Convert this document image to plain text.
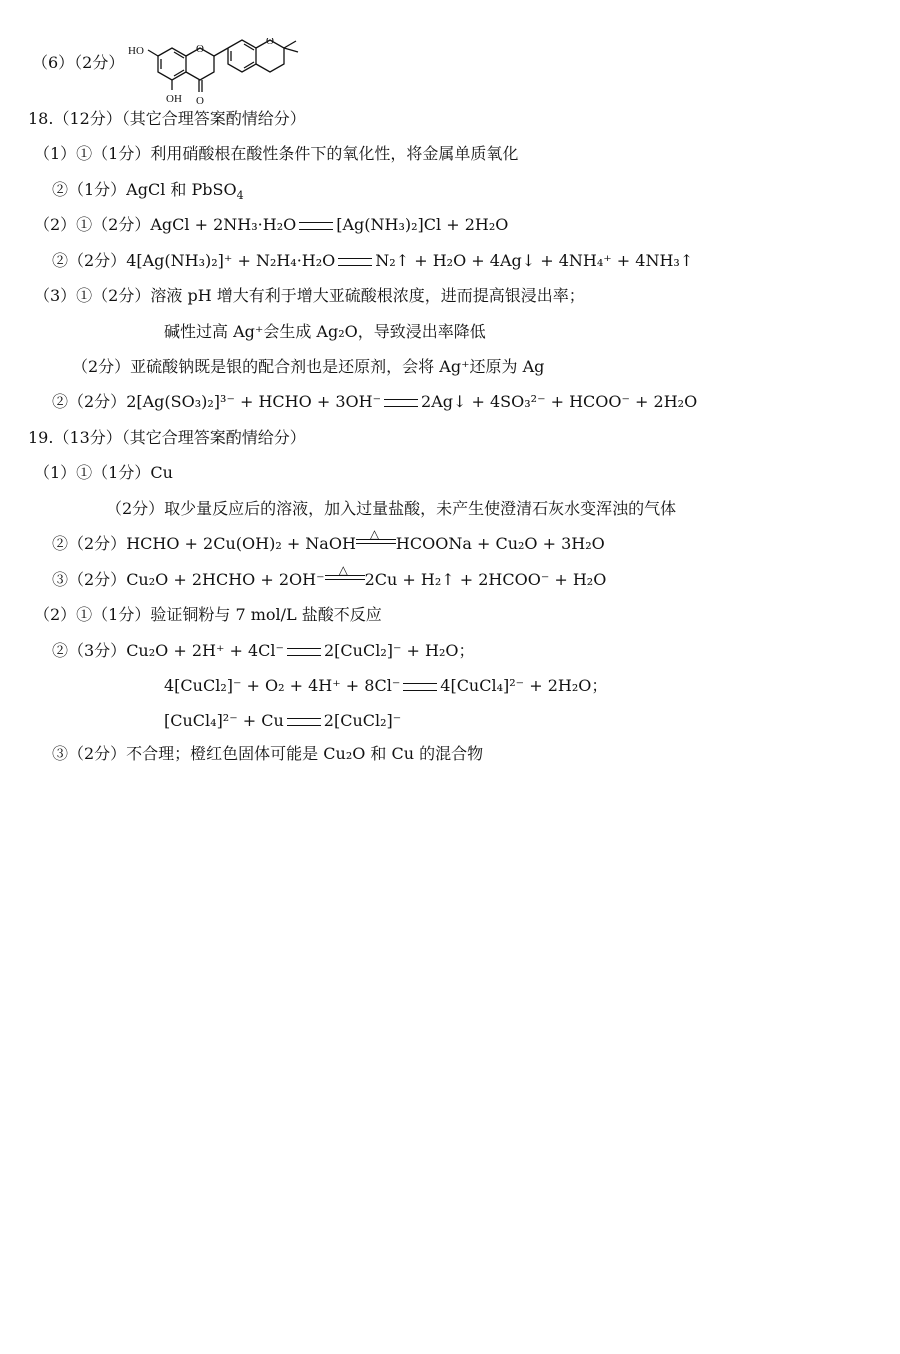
（6）（2分）
HO
OH
O
O
O
18.（12分）（其它合理答案酌情给分）
（1）①（1分）利用硝酸根在酸性条件下的氧化性，将金属单质氧化
②（1分）AgCl 和 PbSO$_4$
（2）①（2分）AgCl + 2NH₃·H₂O	[Ag(NH₃)₂]Cl + 2H₂O
②（2分）4[Ag(NH₃)₂]⁺ + N₂H₄·H₂O	N₂↑ + H₂O + 4Ag↓ + 4NH₄⁺ + 4NH₃↑
（3）①（2分）溶液 pH 增大有利于增大亚硫酸根浓度，进而提高银浸出率；
碱性过高 Ag⁺会生成 Ag₂O，导致浸出率降低
（2分）亚硫酸钠既是银的配合剂也是还原剂，会将 Ag⁺还原为 Ag
②（2分）2[Ag(SO₃)₂]³⁻ + HCHO + 3OH⁻	2Ag↓ + 4SO₃²⁻ + HCOO⁻ + 2H₂O
19.（13分）（其它合理答案酌情给分）
（1）①（1分）Cu
（2分）取少量反应后的溶液，加入过量盐酸，未产生使澄清石灰水变浑浊的气体
②（2分）HCHO + 2Cu(OH)₂ + NaOH △ HCOONa + Cu₂O + 3H₂O
③（2分）Cu₂O + 2HCHO + 2OH⁻ △ 2Cu + H₂↑ + 2HCOO⁻ + H₂O
（2）①（1分）验证铜粉与 7 mol/L 盐酸不反应
②（3分）Cu₂O + 2H⁺ + 4Cl⁻	2[CuCl₂]⁻ + H₂O；
4[CuCl₂]⁻ + O₂ + 4H⁺ + 8Cl⁻	4[CuCl₄]²⁻ + 2H₂O；
[CuCl₄]²⁻ + Cu	2[CuCl₂]⁻
③（2分）不合理；橙红色固体可能是 Cu₂O 和 Cu 的混合物
